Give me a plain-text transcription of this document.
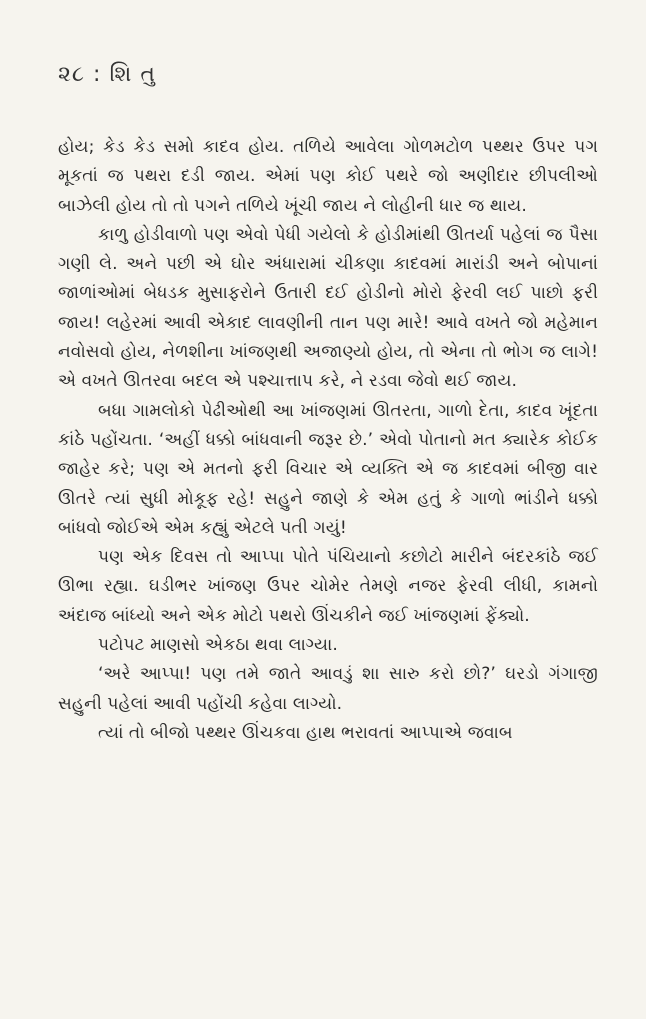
૨૮ : શિ તુ

હોય; કેડ કેડ સમો કાદવ હોય. તળિયે આવેલા ગોળમટોળ પથ્થર ઉપર પગ મૂકતાં જ પથરા દડી જાય. એમાં પણ કોઈ પથરે જો અણીદાર છીપલીઓ બાઝેલી હોય તો તો પગને તળિયે ખૂંચી જાય ને લોહીની ધાર જ થાય.

કાળુ હોડીવાળો પણ એવો પેધી ગયેલો કે હોડીમાંથી ઊતર્યા પહેલાં જ પૈસા ગણી લે. અને પછી એ ઘોર અંધારામાં ચીકણા કાદવમાં મારાંડી અને બોપાનાં જાળાંઓમાં બેધડક મુસાફરોને ઉતારી દઈ હોડીનો મોરો ફેરવી લઈ પાછો ફરી જાય! લહેરમાં આવી એકાદ લાવણીની તાન પણ મારે! આવે વખતે જો મહેમાન નવોસવો હોય, નેળશીના ખાંજણથી અજાણ્યો હોય, તો એના તો ભોગ જ લાગે! એ વખતે ઊતરવા બદલ એ પશ્ચાત્તાપ કરે, ને રડવા જેવો થઈ જાય.

બધા ગામલોકો પેઢીઓથી આ ખાંજણમાં ઊતરતા, ગાળો દેતા, કાદવ ખૂંદતા કાંઠે પહોંચતા. ‘અહીં ધક્કો બાંધવાની જરૂર છે.’ એવો પોતાનો મત ક્યારેક કોઈક જાહેર કરે; પણ એ મતનો ફરી વિચાર એ વ્યક્તિ એ જ કાદવમાં બીજી વાર ઊતરે ત્યાં સુધી મોકૂફ રહે! સહુને જાણે કે એમ હતું કે ગાળો ભાંડીને ધક્કો બાંધવો જોઈએ એમ કહ્યું એટલે પતી ગયું!

પણ એક દિવસ તો આપ્પા પોતે પંચિયાનો કછોટો મારીને બંદરકાંઠે જઈ ઊભા રહ્યા. ઘડીભર ખાંજણ ઉપર ચોમેર તેમણે નજર ફેરવી લીધી, કામનો અંદાજ બાંધ્યો અને એક મોટો પથરો ઊંચકીને જઈ ખાંજણમાં ફેંક્યો.

પટોપટ માણસો એકઠા થવા લાગ્યા.

‘અરે આપ્પા! પણ તમે જાતે આવડું શા સારુ કરો છો?’ ઘરડો ગંગાજી સહુની પહેલાં આવી પહોંચી કહેવા લાગ્યો.

ત્યાં તો બીજો પથ્થર ઊંચકવા હાથ ભરાવતાં આપ્પાએ જવાબ
